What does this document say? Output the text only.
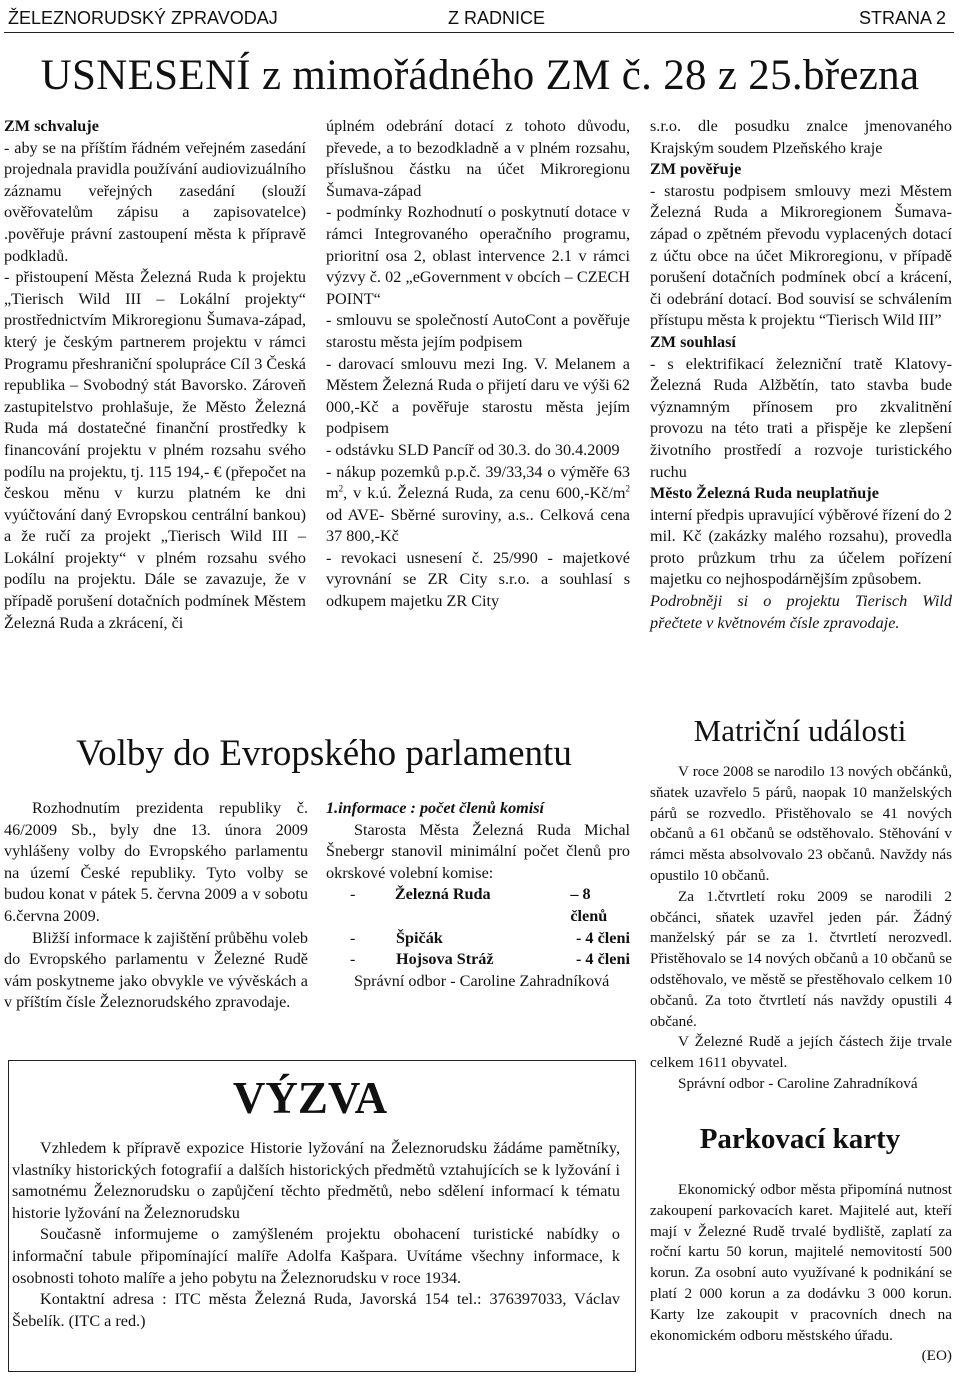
ŽELEZNORUDSKÝ ZPRAVODAJ	Z RADNICE	STRANA 2
USNESENÍ z mimořádného ZM č. 28 z 25.března

ZM schvaluje

- aby se na příštím řádném veřejném zasedání projednala pravidla používání audiovizuálního záznamu veřejných zasedání (slouží ověřovatelům zápisu a zapisovatelce) .pověřuje právní zastoupení města k přípravě podkladů.

- přistoupení Města Železná Ruda k projektu „Tierisch Wild III – Lokální projekty“ prostřednictvím Mikroregionu Šumava-západ, který je českým partnerem projektu v rámci Programu přeshraniční spolupráce Cíl 3 Česká republika – Svobodný stát Bavorsko. Zároveň zastupitelstvo prohlašuje, že Město Železná Ruda má dostatečné finanční prostředky k financování projektu v plném rozsahu svého podílu na projektu, tj. 115 194,- € (přepočet na českou měnu v kurzu platném ke dni vyúčtování daný Evropskou centrální bankou) a že ručí za projekt „Tierisch Wild III – Lokální projekty“ v plném rozsahu svého podílu na projektu. Dále se zavazuje, že v případě porušení dotačních podmínek Městem Železná Ruda a zkrácení, či

úplném odebrání dotací z tohoto důvodu, převede, a to bezodkladně a v plném rozsahu, příslušnou částku na účet Mikroregionu Šumava-západ

- podmínky Rozhodnutí o poskytnutí dotace v rámci Integrovaného operačního programu, prioritní osa 2, oblast intervence 2.1 v rámci výzvy č. 02 „eGovernment v obcích – CZECH POINT“

- smlouvu se společností AutoCont a pověřuje starostu města jejím podpisem

- darovací smlouvu mezi Ing. V. Melanem a Městem Železná Ruda o přijetí daru ve výši 62 000,-Kč a pověřuje starostu města jejím podpisem

- odstávku SLD Pancíř od 30.3. do 30.4.2009

- nákup pozemků p.p.č. 39/33,34 o výměře 63 $m^2$, v k.ú. Železná Ruda, za cenu $600,-Kč/m^2$ od AVE- Sběrné suroviny, a.s.. Celková cena 37 800,-Kč

- revokaci usnesení č. 25/990 - majetkové vyrovnání se ZR City s.r.o. a souhlasí s odkupem majetku ZR City

s.r.o. dle posudku znalce jmenovaného Krajským soudem Plzeňského kraje

ZM pověřuje

- starostu podpisem smlouvy mezi Městem Železná Ruda a Mikroregionem Šumava-západ o zpětném převodu vyplacených dotací z účtu obce na účet Mikroregionu, v případě porušení dotačních podmínek obcí a krácení, či odebrání dotací. Bod souvisí se schválením přístupu města k projektu “Tierisch Wild III”

ZM souhlasí

- s elektrifikací železniční tratě Klatovy-Železná Ruda Alžbětín, tato stavba bude významným přínosem pro zkvalitnění provozu na této trati a přispěje ke zlepšení životního prostředí a rozvoje turistického ruchu

Město Železná Ruda neuplatňuje

interní předpis upravující výběrové řízení do 2 mil. Kč (zakázky malého rozsahu), provedla proto průzkum trhu za účelem pořízení majetku co nejhospodárnějším způsobem.

Podrobněji si o projektu Tierisch Wild přečtete v květnovém čísle zpravodaje.

Volby do Evropského parlamentu

Rozhodnutím prezidenta republiky č. 46/2009 Sb., byly dne 13. února 2009 vyhlášeny volby do Evropského parlamentu na území České republiky. Tyto volby se budou konat v pátek 5. června 2009 a v sobotu 6.června 2009.

Bližší informace k zajištění průběhu voleb do Evropského parlamentu v Železné Rudě vám poskytneme jako obvykle ve vývěskách a v příštím čísle Železnorudského zpravodaje.

1.informace : počet členů komisí

Starosta Města Železná Ruda Michal Šnebergr stanovil minimální počet členů pro okrskové volební komise:

-	Železná Ruda	– 8 členů
-	Špičák	- 4 členi
-	Hojsova Stráž	- 4 členi

Správní odbor - Caroline Zahradníková

Matriční události

V roce 2008 se narodilo 13 nových občánků, sňatek uzavřelo 5 párů, naopak 10 manželských párů se rozvedlo. Přistěhovalo se 41 nových občanů a 61 občanů se odstěhovalo. Stěhování v rámci města absolvovalo 23 občanů. Navždy nás opustilo 10 občanů.

Za 1.čtvrtletí roku 2009 se narodili 2 občánci, sňatek uzavřel jeden pár. Žádný manželský pár se za 1. čtvrtletí nerozvedl. Přistěhovalo se 14 nových občanů a 10 občanů se odstěhovalo, ve městě se přestěhovalo celkem 10 občanů. Za toto čtvrtletí nás navždy opustili 4 občané.

V Železné Rudě a jejích částech žije trvale celkem 1611 obyvatel.

Správní odbor - Caroline Zahradníková

VÝZVA

Vzhledem k přípravě expozice Historie lyžování na Železnorudsku žádáme pamětníky, vlastníky historických fotografií a dalších historických předmětů vztahujících se k lyžování i samotnému Železnorudsku o zapůjčení těchto předmětů, nebo sdělení informací k tématu historie lyžování na Železnorudsku

Současně informujeme o zamýšleném projektu obohacení turistické nabídky o informační tabule připomínající malíře Adolfa Kašpara. Uvítáme všechny informace, k osobnosti tohoto malíře a jeho pobytu na Železnorudsku v roce 1934.

Kontaktní adresa : ITC města Železná Ruda, Javorská 154 tel.: 376397033, Václav Šebelík. (ITC a red.)

Parkovací karty

Ekonomický odbor města připomíná nutnost zakoupení parkovacích karet. Majitelé aut, kteří mají v Železné Rudě trvalé bydliště, zaplatí za roční kartu 50 korun, majitelé nemovitostí 500 korun. Za osobní auto využívané k podnikání se platí 2 000 korun a za dodávku 3 000 korun. Karty lze zakoupit v pracovních dnech na ekonomickém odboru městského úřadu.

(EO)
